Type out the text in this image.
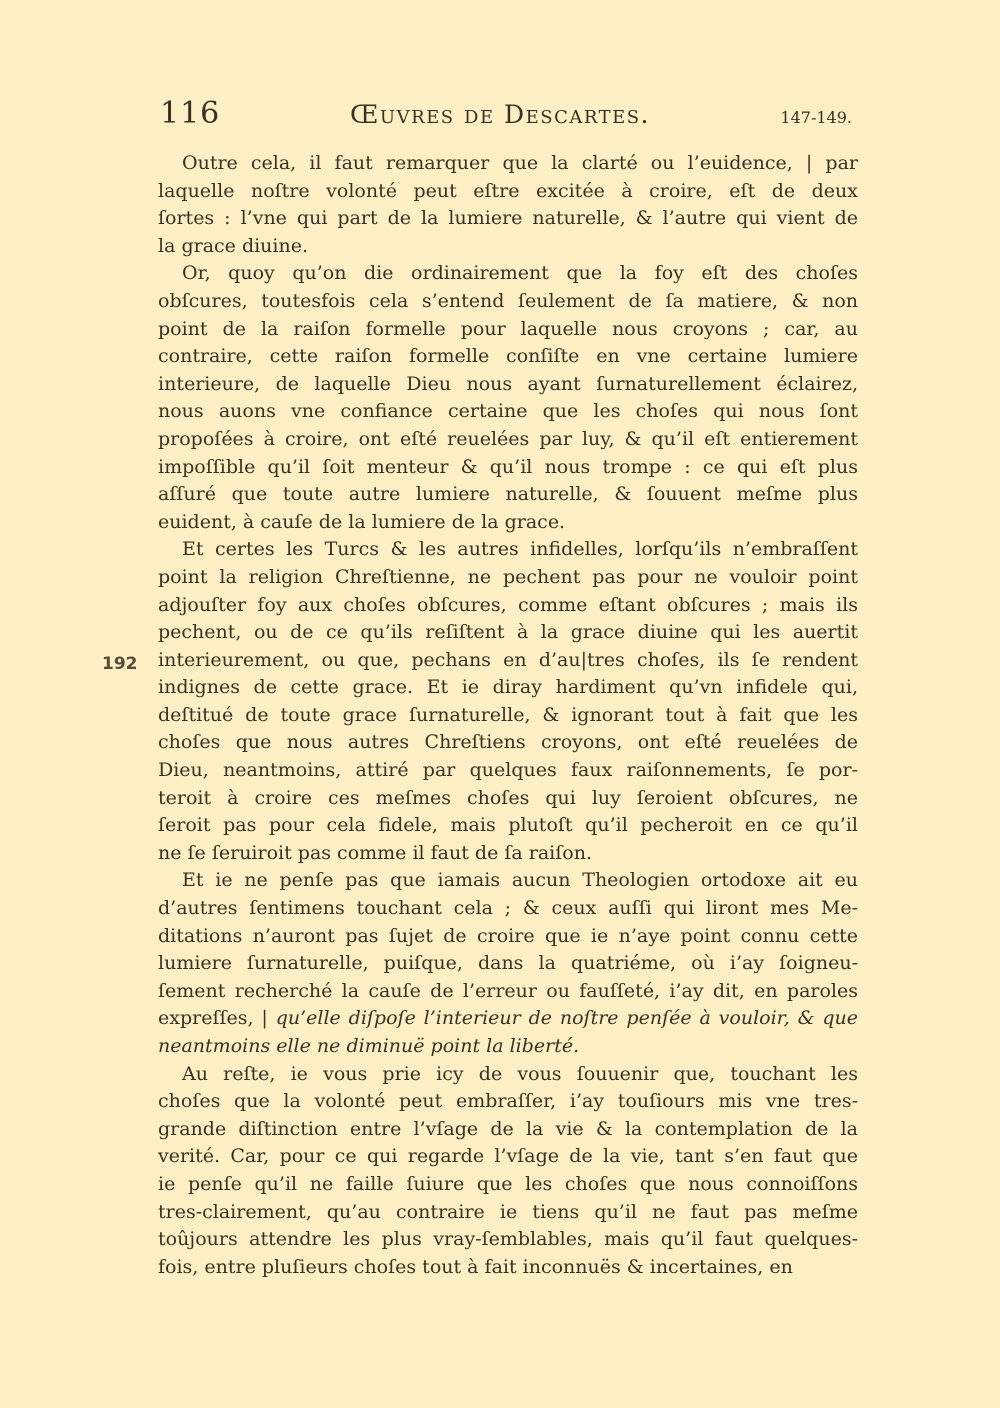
116	Œuvres de Descartes.	147-149.
192
Outre cela, il faut remarquer que la clarté ou l’euidence, | par
laquelle noſtre volonté peut eſtre excitée à croire, eſt de deux
ſortes : l’vne qui part de la lumiere naturelle, & l’autre qui vient de
la grace diuine.
Or, quoy qu’on die ordinairement que la foy eſt des choſes
obſcures, toutesfois cela s’entend ſeulement de ſa matiere, & non
point de la raiſon formelle pour laquelle nous croyons ; car, au
contraire, cette raiſon formelle conſiſte en vne certaine lumiere
interieure, de laquelle Dieu nous ayant ſurnaturellement éclairez,
nous auons vne confiance certaine que les choſes qui nous ſont
propoſées à croire, ont eſté reuelées par luy, & qu’il eſt entierement
impoſſible qu’il ſoit menteur & qu’il nous trompe : ce qui eſt plus
aſſuré que toute autre lumiere naturelle, & ſouuent meſme plus
euident, à cauſe de la lumiere de la grace.
Et certes les Turcs & les autres infidelles, lorſqu’ils n’embraſſent
point la religion Chreſtienne, ne pechent pas pour ne vouloir point
adjouſter foy aux choſes obſcures, comme eſtant obſcures ; mais ils
pechent, ou de ce qu’ils reſiſtent à la grace diuine qui les auertit
interieurement, ou que, pechans en d’au|tres choſes, ils ſe rendent
indignes de cette grace. Et ie diray hardiment qu’vn infidele qui,
deſtitué de toute grace ſurnaturelle, & ignorant tout à fait que les
choſes que nous autres Chreſtiens croyons, ont eſté reuelées de
Dieu, neantmoins, attiré par quelques faux raiſonnements, ſe por-
teroit à croire ces meſmes choſes qui luy ſeroient obſcures, ne
ſeroit pas pour cela fidele, mais plutoſt qu’il pecheroit en ce qu’il
ne ſe ſeruiroit pas comme il faut de ſa raiſon.
Et ie ne penſe pas que iamais aucun Theologien ortodoxe ait eu
d’autres ſentimens touchant cela ; & ceux auſſi qui liront mes Me-
ditations n’auront pas ſujet de croire que ie n’aye point connu cette
lumiere ſurnaturelle, puiſque, dans la quatriéme, où i’ay ſoigneu-
ſement recherché la cauſe de l’erreur ou fauſſeté, i’ay dit, en paroles
expreſſes, | qu’elle diſpoſe l’interieur de noſtre penſée à vouloir, & que
neantmoins elle ne diminuë point la liberté.
Au reſte, ie vous prie icy de vous ſouuenir que, touchant les
choſes que la volonté peut embraſſer, i’ay touſiours mis vne tres-
grande diſtinction entre l’vſage de la vie & la contemplation de la
verité. Car, pour ce qui regarde l’vſage de la vie, tant s’en faut que
ie penſe qu’il ne faille ſuiure que les choſes que nous connoiſſons
tres-clairement, qu’au contraire ie tiens qu’il ne faut pas meſme
toûjours attendre les plus vray-ſemblables, mais qu’il faut quelques-
fois, entre pluſieurs choſes tout à fait inconnuës & incertaines, en
